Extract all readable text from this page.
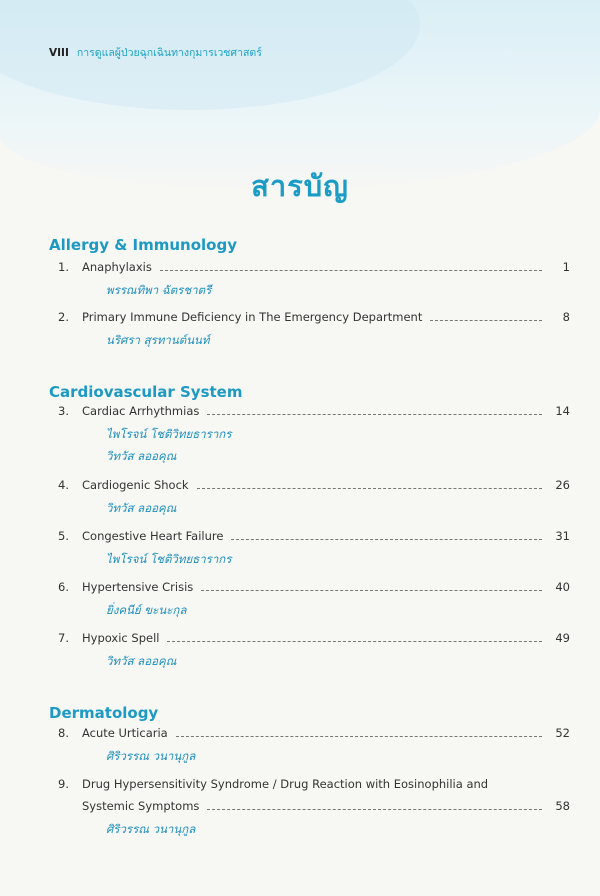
VIII การดูแลผู้ป่วยฉุกเฉินทางกุมารเวชศาสตร์
สารบัญ
Allergy & Immunology
1.	Anaphylaxis	1
พรรณทิพา ฉัตรชาตรี
2.	Primary Immune Deficiency in The Emergency Department	8
นริศรา สุรทานต์นนท์
Cardiovascular System
3.	Cardiac Arrhythmias	14
ไพโรจน์ โชติวิทยธารากร
วิทวัส ลออคุณ
4.	Cardiogenic Shock	26
วิทวัส ลออคุณ
5.	Congestive Heart Failure	31
ไพโรจน์ โชติวิทยธารากร
6.	Hypertensive Crisis	40
ยิ่งคนีย์ ขะนะกุล
7.	Hypoxic Spell	49
วิทวัส ลออคุณ
Dermatology
8.	Acute Urticaria	52
ศิริวรรณ วนานุกูล
9.	Drug Hypersensitivity Syndrome / Drug Reaction with Eosinophilia and
Systemic Symptoms	58
ศิริวรรณ วนานุกูล
